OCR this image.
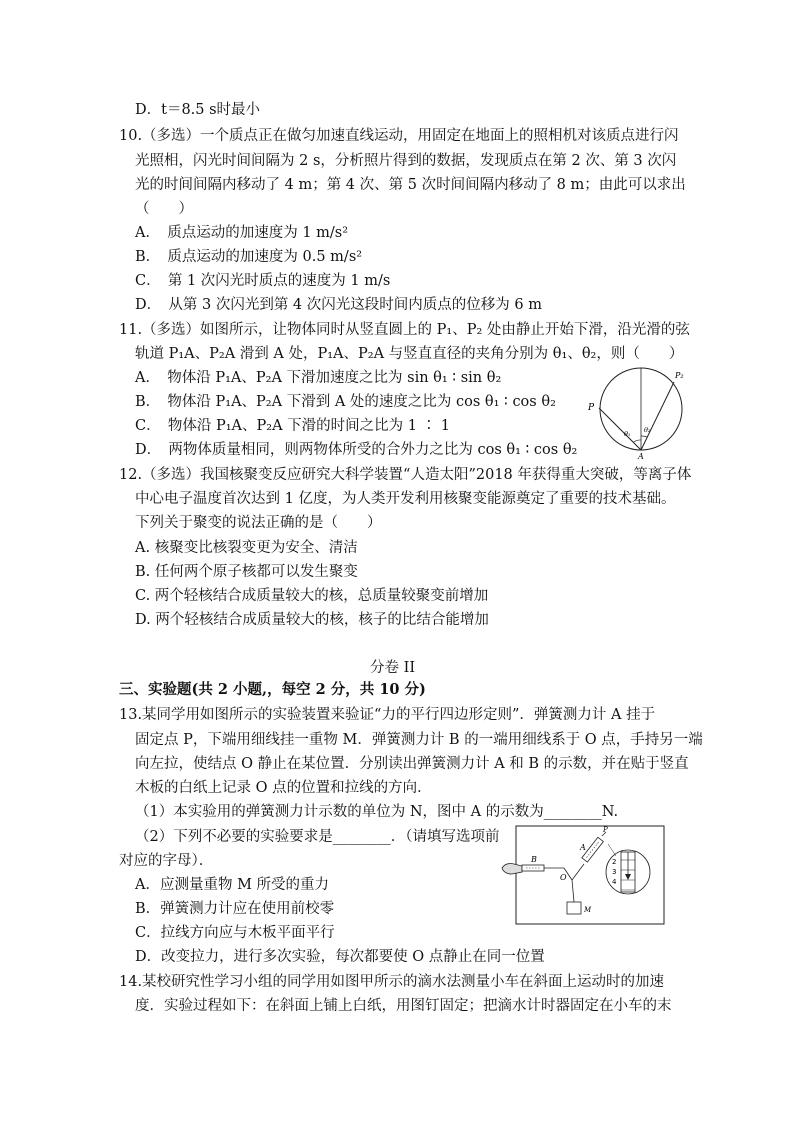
D．t＝8.5 s时最小
10.（多选）一个质点正在做匀加速直线运动，用固定在地面上的照相机对该质点进行闪
光照相，闪光时间间隔为 2 s，分析照片得到的数据，发现质点在第 2 次、第 3 次闪
光的时间间隔内移动了 4 m；第 4 次、第 5 次时间间隔内移动了 8 m；由此可以求出
（　　）
A．　质点运动的加速度为 1 m/s²
B．　质点运动的加速度为 0.5 m/s²
C．　第 1 次闪光时质点的速度为 1 m/s
D．　从第 3 次闪光到第 4 次闪光这段时间内质点的位移为 6 m
11.（多选）如图所示，让物体同时从竖直圆上的 P₁、P₂ 处由静止开始下滑，沿光滑的弦
轨道 P₁A、P₂A 滑到 A 处，P₁A、P₂A 与竖直直径的夹角分别为 θ₁、θ₂，则（　　）
A．　物体沿 P₁A、P₂A 下滑加速度之比为 sin θ₁ ∶ sin θ₂
B．　物体沿 P₁A、P₂A 下滑到 A 处的速度之比为 cos θ₁ ∶ cos θ₂
C．　物体沿 P₁A、P₂A 下滑的时间之比为 1 ∶ 1
D．　两物体质量相同，则两物体所受的合外力之比为 cos θ₁ ∶ cos θ₂
P
P₂
A
θ₁ θ₂
12.（多选）我国核聚变反应研究大科学装置“人造太阳”2018 年获得重大突破，等离子体
中心电子温度首次达到 1 亿度，为人类开发利用核聚变能源奠定了重要的技术基础。
下列关于聚变的说法正确的是（　　）
A. 核聚变比核裂变更为安全、清洁
B. 任何两个原子核都可以发生聚变
C. 两个轻核结合成质量较大的核，总质量较聚变前增加
D. 两个轻核结合成质量较大的核，核子的比结合能增加
分卷 II
三、实验题(共 2 小题,，每空 2 分，共 10 分)
13.某同学用如图所示的实验装置来验证“力的平行四边形定则”．弹簧测力计 A 挂于
固定点 P，下端用细线挂一重物 M．弹簧测力计 B 的一端用细线系于 O 点，手持另一端
向左拉，使结点 O 静止在某位置．分别读出弹簧测力计 A 和 B 的示数，并在贴于竖直
木板的白纸上记录 O 点的位置和拉线的方向．
（1）本实验用的弹簧测力计示数的单位为 N，图中 A 的示数为________N.
（2）下列不必要的实验要求是________．（请填写选项前
对应的字母）．
A．应测量重物 M 所受的重力
B．弹簧测力计应在使用前校零
C．拉线方向应与木板平面平行
D．改变拉力，进行多次实验，每次都要使 O 点静止在同一位置
B
O
M
A
P
2
3
4
14.某校研究性学习小组的同学用如图甲所示的滴水法测量小车在斜面上运动时的加速
度．实验过程如下：在斜面上铺上白纸，用图钉固定；把滴水计时器固定在小车的末
